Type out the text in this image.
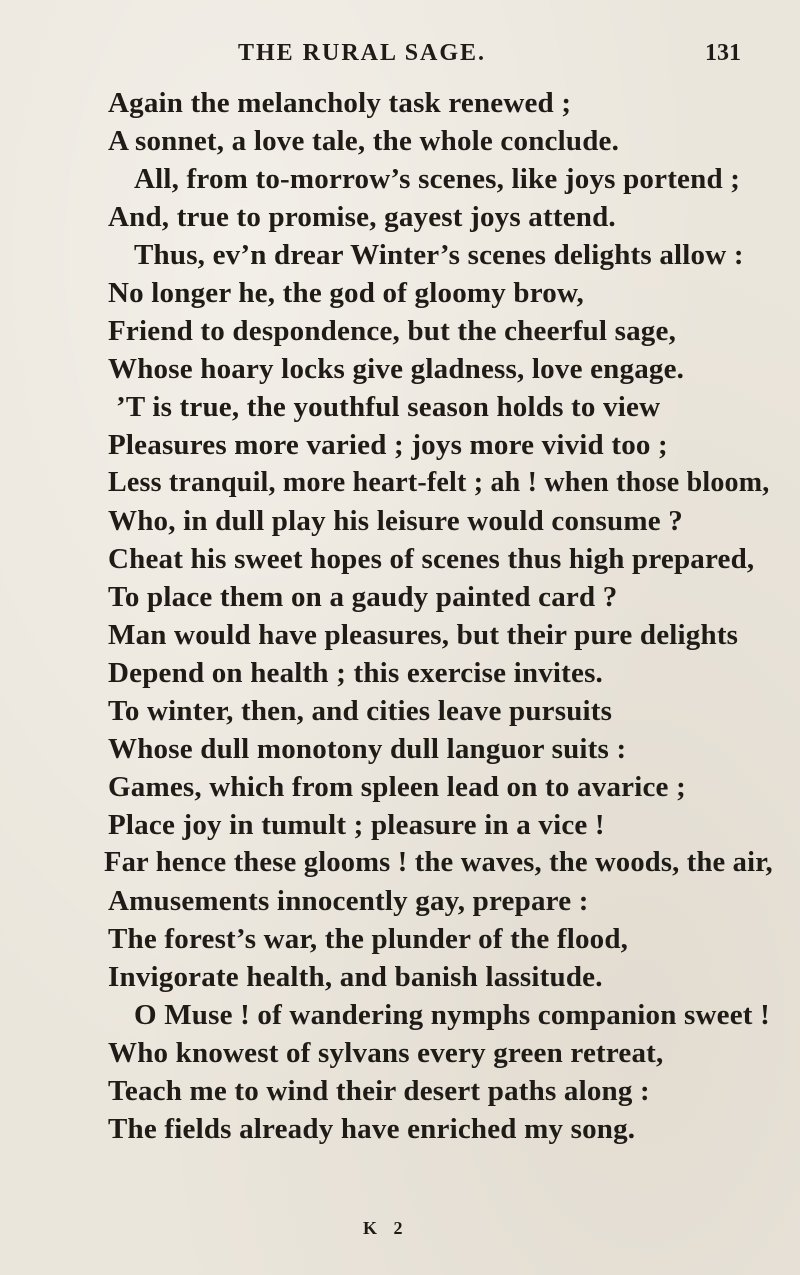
THE RURAL SAGE.	131
Again the melancholy task renewed ;
A sonnet, a love tale, the whole conclude.
All, from to-morrow’s scenes, like joys portend ;
And, true to promise, gayest joys attend.
Thus, ev’n drear Winter’s scenes delights allow :
No longer he, the god of gloomy brow,
Friend to despondence, but the cheerful sage,
Whose hoary locks give gladness, love engage.
’T is true, the youthful season holds to view
Pleasures more varied ; joys more vivid too ;
Less tranquil, more heart-felt ; ah ! when those bloom,
Who, in dull play his leisure would consume ?
Cheat his sweet hopes of scenes thus high prepared,
To place them on a gaudy painted card ?
Man would have pleasures, but their pure delights
Depend on health ; this exercise invites.
To winter, then, and cities leave pursuits
Whose dull monotony dull languor suits :
Games, which from spleen lead on to avarice ;
Place joy in tumult ; pleasure in a vice !
Far hence these glooms ! the waves, the woods, the air,
Amusements innocently gay, prepare :
The forest’s war, the plunder of the flood,
Invigorate health, and banish lassitude.
O Muse ! of wandering nymphs companion sweet !
Who knowest of sylvans every green retreat,
Teach me to wind their desert paths along :
The fields already have enriched my song.
K 2
